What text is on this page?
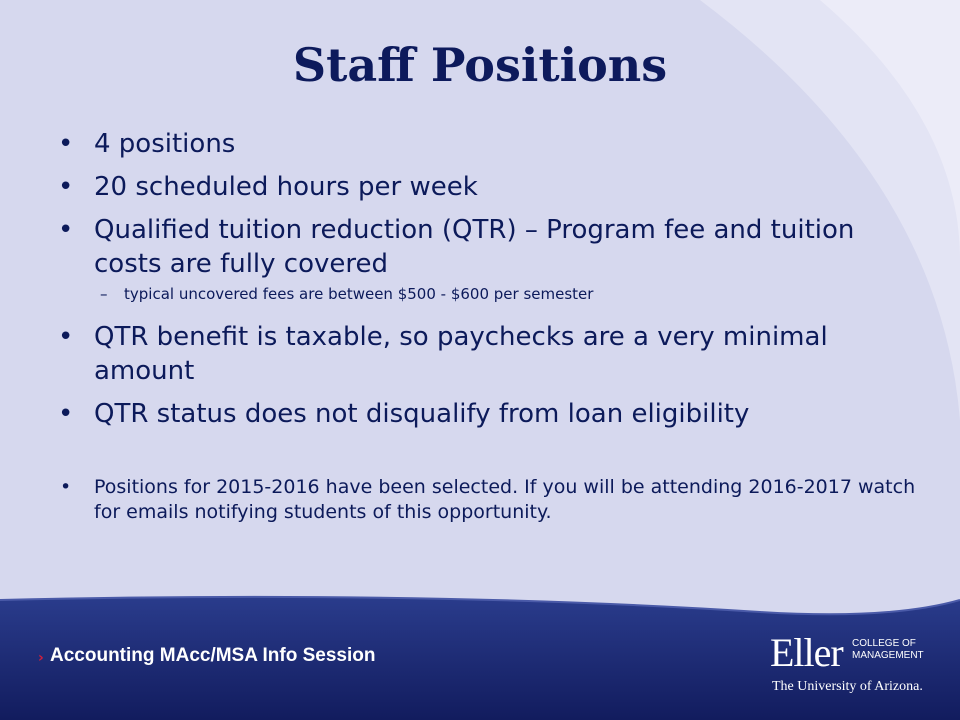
Staff Positions
• 4 positions
• 20 scheduled hours per week
• Qualified tuition reduction (QTR) – Program fee and tuition costs are fully covered
– typical uncovered fees are between $500 - $600 per semester
• QTR benefit is taxable, so paychecks are a very minimal amount
• QTR status does not disqualify from loan eligibility
• Positions for 2015-2016 have been selected. If you will be attending 2016-2017 watch for emails notifying students of this opportunity.
› Accounting MAcc/MSA Info Session	Eller COLLEGE OF MANAGEMENT
The University of Arizona.
